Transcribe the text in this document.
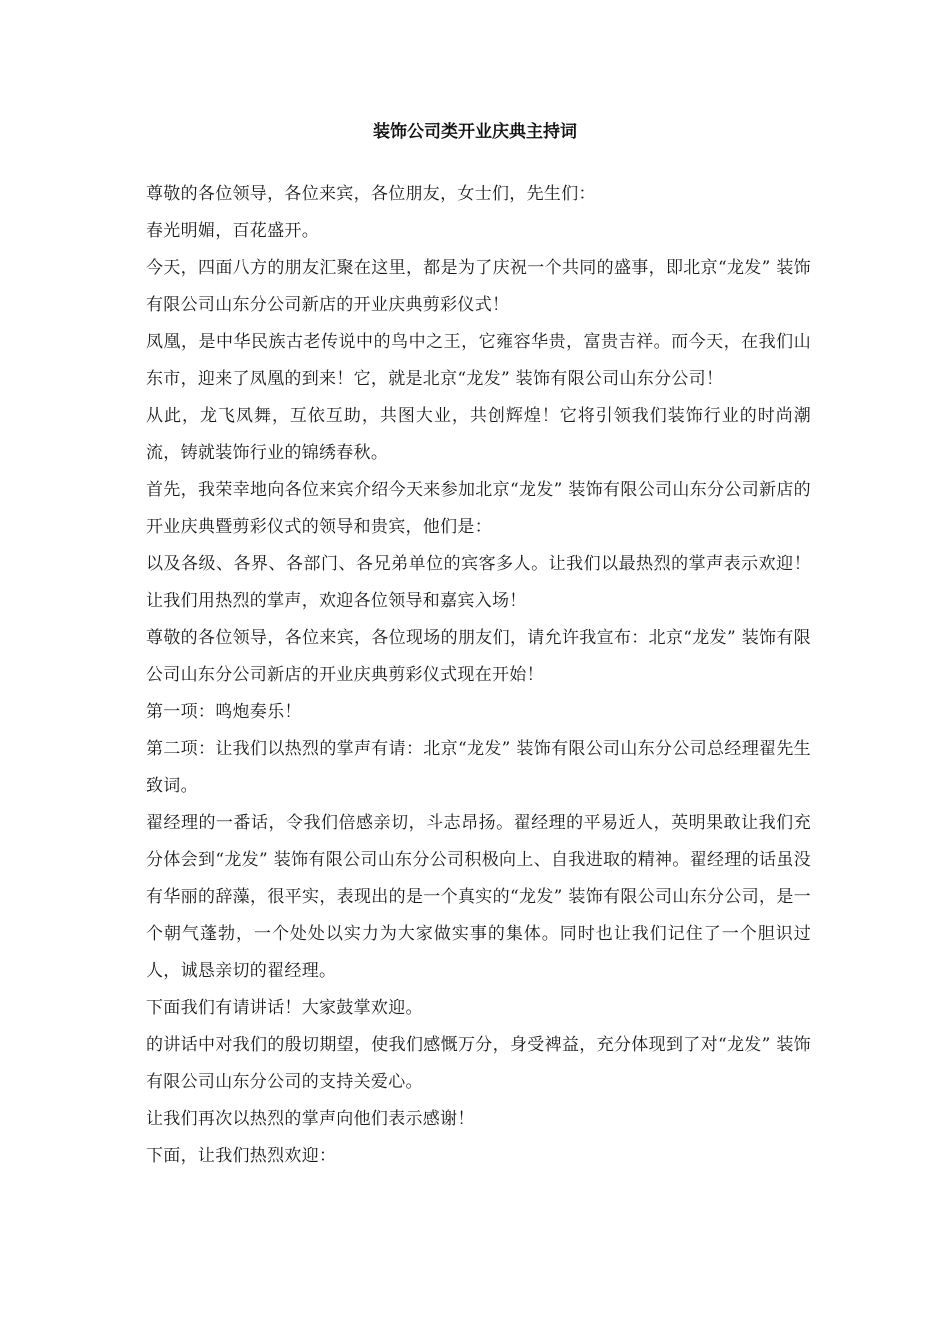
装饰公司类开业庆典主持词

尊敬的各位领导，各位来宾，各位朋友，女士们，先生们：

春光明媚，百花盛开。

今天，四面八方的朋友汇聚在这里，都是为了庆祝一个共同的盛事，即北京“龙发” 装饰有限公司山东分公司新店的开业庆典剪彩仪式！

凤凰，是中华民族古老传说中的鸟中之王，它雍容华贵，富贵吉祥。而今天，在我们山东市，迎来了凤凰的到来！它，就是北京“龙发” 装饰有限公司山东分公司！

从此，龙飞凤舞，互依互助，共图大业，共创辉煌！它将引领我们装饰行业的时尚潮流，铸就装饰行业的锦绣春秋。

首先，我荣幸地向各位来宾介绍今天来参加北京“龙发” 装饰有限公司山东分公司新店的开业庆典暨剪彩仪式的领导和贵宾，他们是：

以及各级、各界、各部门、各兄弟单位的宾客多人。让我们以最热烈的掌声表示欢迎！让我们用热烈的掌声，欢迎各位领导和嘉宾入场！

尊敬的各位领导，各位来宾，各位现场的朋友们，请允许我宣布：北京“龙发” 装饰有限公司山东分公司新店的开业庆典剪彩仪式现在开始！

第一项：鸣炮奏乐！

第二项：让我们以热烈的掌声有请：北京“龙发” 装饰有限公司山东分公司总经理翟先生致词。

翟经理的一番话，令我们倍感亲切，斗志昂扬。翟经理的平易近人，英明果敢让我们充分体会到“龙发” 装饰有限公司山东分公司积极向上、自我进取的精神。翟经理的话虽没有华丽的辞藻，很平实，表现出的是一个真实的“龙发” 装饰有限公司山东分公司，是一个朝气蓬勃，一个处处以实力为大家做实事的集体。同时也让我们记住了一个胆识过人，诚恳亲切的翟经理。

下面我们有请讲话！大家鼓掌欢迎。

的讲话中对我们的殷切期望，使我们感慨万分，身受裨益，充分体现到了对“龙发” 装饰有限公司山东分公司的支持关爱心。

让我们再次以热烈的掌声向他们表示感谢！

下面，让我们热烈欢迎：
